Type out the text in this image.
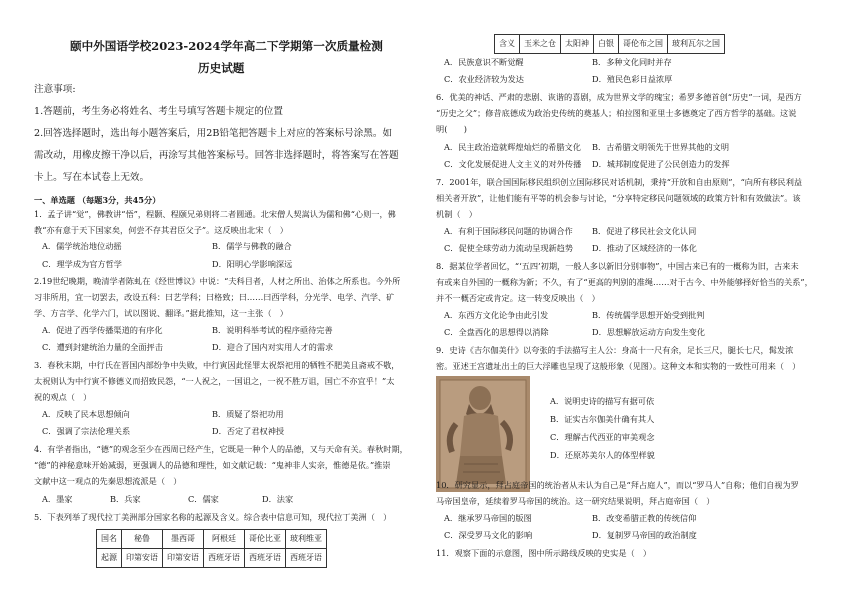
颐中外国语学校2023-2024学年高二下学期第一次质量检测
历史试题
注意事项:
1.答题前，考生务必将姓名、考生号填写答题卡规定的位置
2.回答选择题时，选出每小题答案后，用2B铅笔把答题卡上对应的答案标号涂黑。如
需改动，用橡皮擦干净以后，再涂写其他答案标号。回答非选择题时，将答案写在答题
卡上。写在本试卷上无效。
一、单选题 （每题3分，共45分）
1．孟子讲“觉”，佛教讲“悟”，程颢、程颐兄弟则将二者圆通。北宋僧人契嵩认为儒和佛“心则一，佛
教“亦有意于天下国家矣，何尝不存其君臣父子”。这反映出北宋（　）
A．儒学统治地位动摇	B．儒学与佛教的融合
C．理学成为官方哲学	D．阳明心学影响深远
2.19世纪晚期，晚清学者陈虬在《经世博议》中说：“夫科目者，人材之所出、治体之所系也。今外所
习非所用，宜一切罢去，改设五科：曰艺学科；曰格致；曰……曰西学科，分光学、电学、汽学、矿
学、方言学、化学六门，试以图说、翻译。”据此推知，这一主张（　）
A．促进了西学传播渠道的有序化	B．说明科举考试的程序亟待完善
C．遭到封建统治力量的全面抨击	D．迎合了国内对实用人才的需求
3．春秋末期，中行氏在晋国内部纷争中失败，中行寅因此怪罪太祝祭祀用的牺牲不肥美且斋戒不敬，
太祝则认为中行寅不修德义而招致民怨，“一人祝之，一国诅之，一祝不胜万诅，国亡不亦宜乎！”太
祝的观点（　）
A．反映了民本思想倾向	B．质疑了祭祀功用
C．强调了宗法伦理关系	D．否定了君权神授
4．有学者指出，“德”的观念至少在西周已经产生，它既是一种个人的品德，又与天命有关。春秋时期，
“德”的神秘意味开始减弱，更强调人的品德和理性，如文献记载：“鬼神非人实亲，惟德是依。”推崇
文献中这一观点的先秦思想流派是（　）
A．墨家	B．兵家	C．儒家	D．法家
5．下表列举了现代拉丁美洲部分国家名称的起源及含义。综合表中信息可知，现代拉丁美洲（　）
国名	秘鲁	墨西哥	阿根廷	哥伦比亚	玻利维亚
起源	印第安语	印第安语	西班牙语	西班牙语	西班牙语
含义	玉米之仓	太阳神	白银	哥伦布之国	玻利瓦尔之国
A．民族意识不断觉醒	B．多种文化同时并存
C．农业经济较为发达	D．殖民色彩日益浓厚
6．优美的神话、严肃的悲剧、诙谐的喜剧，成为世界文学的瑰宝；希罗多德首创“历史”一词，是西方
“历史之父”；修昔底德成为政治史传统的奠基人；柏拉图和亚里士多德奠定了西方哲学的基础。这说
明(　　)
A．民主政治造就辉煌灿烂的希腊文化 B．古希腊文明领先于世界其他的文明
C．文化发展促进人文主义的对外传播 D．城邦制度促进了公民创造力的发挥
7．2001年，联合国国际移民组织创立国际移民对话机制，秉持“开放和自由原则”，“向所有移民利益
相关者开放”，让他们能有平等的机会参与讨论，“分享特定移民问题领域的政策方针和有效做法”。该
机制（　）
A．有利于国际移民问题的协调合作 B．促进了移民社会文化认同
C．促使全球劳动力流动呈现新趋势 D．推动了区域经济的一体化
8．据某位学者回忆，“‘五四’初期，一般人多以新旧分别事物”，中国古来已有的一概称为旧，古来未
有或来自外国的一概称为新；不久，有了“更高的判别的准绳……对于古今、中外能够择好恰当的关系”，
并不一概否定或肯定。这一转变反映出（　）
A．东西方文化论争由此引发	B．传统儒学思想开始受到批判
C．全盘西化的思想得以消除	D．思想解放运动方向发生变化
9．史诗《吉尔伽美什》以夸张的手法描写主人公：身高十一尺有余，足长三尺，腿长七尺，髯发浓
密。亚述王宫遗址出土的巨大浮雕也呈现了这般形象（见图）。这种文本和实物的一致性可用来（　）
A．说明史诗的描写有据可依
B．证实古尔伽美什确有其人
C．理解古代西亚的审美观念
D．还原苏美尔人的体型样貌
10．研究显示，拜占庭帝国的统治者从未认为自己是“拜占庭人”，而以“罗马人”自称；他们自视为罗
马帝国皇帝，延续着罗马帝国的统治。这一研究结果说明，拜占庭帝国（　）
A．继承罗马帝国的版图	B．改变希腊正教的传统信仰
C．深受罗马文化的影响	D．复制罗马帝国的政治制度
11．观察下面的示意图，图中所示路线反映的史实是（　）
